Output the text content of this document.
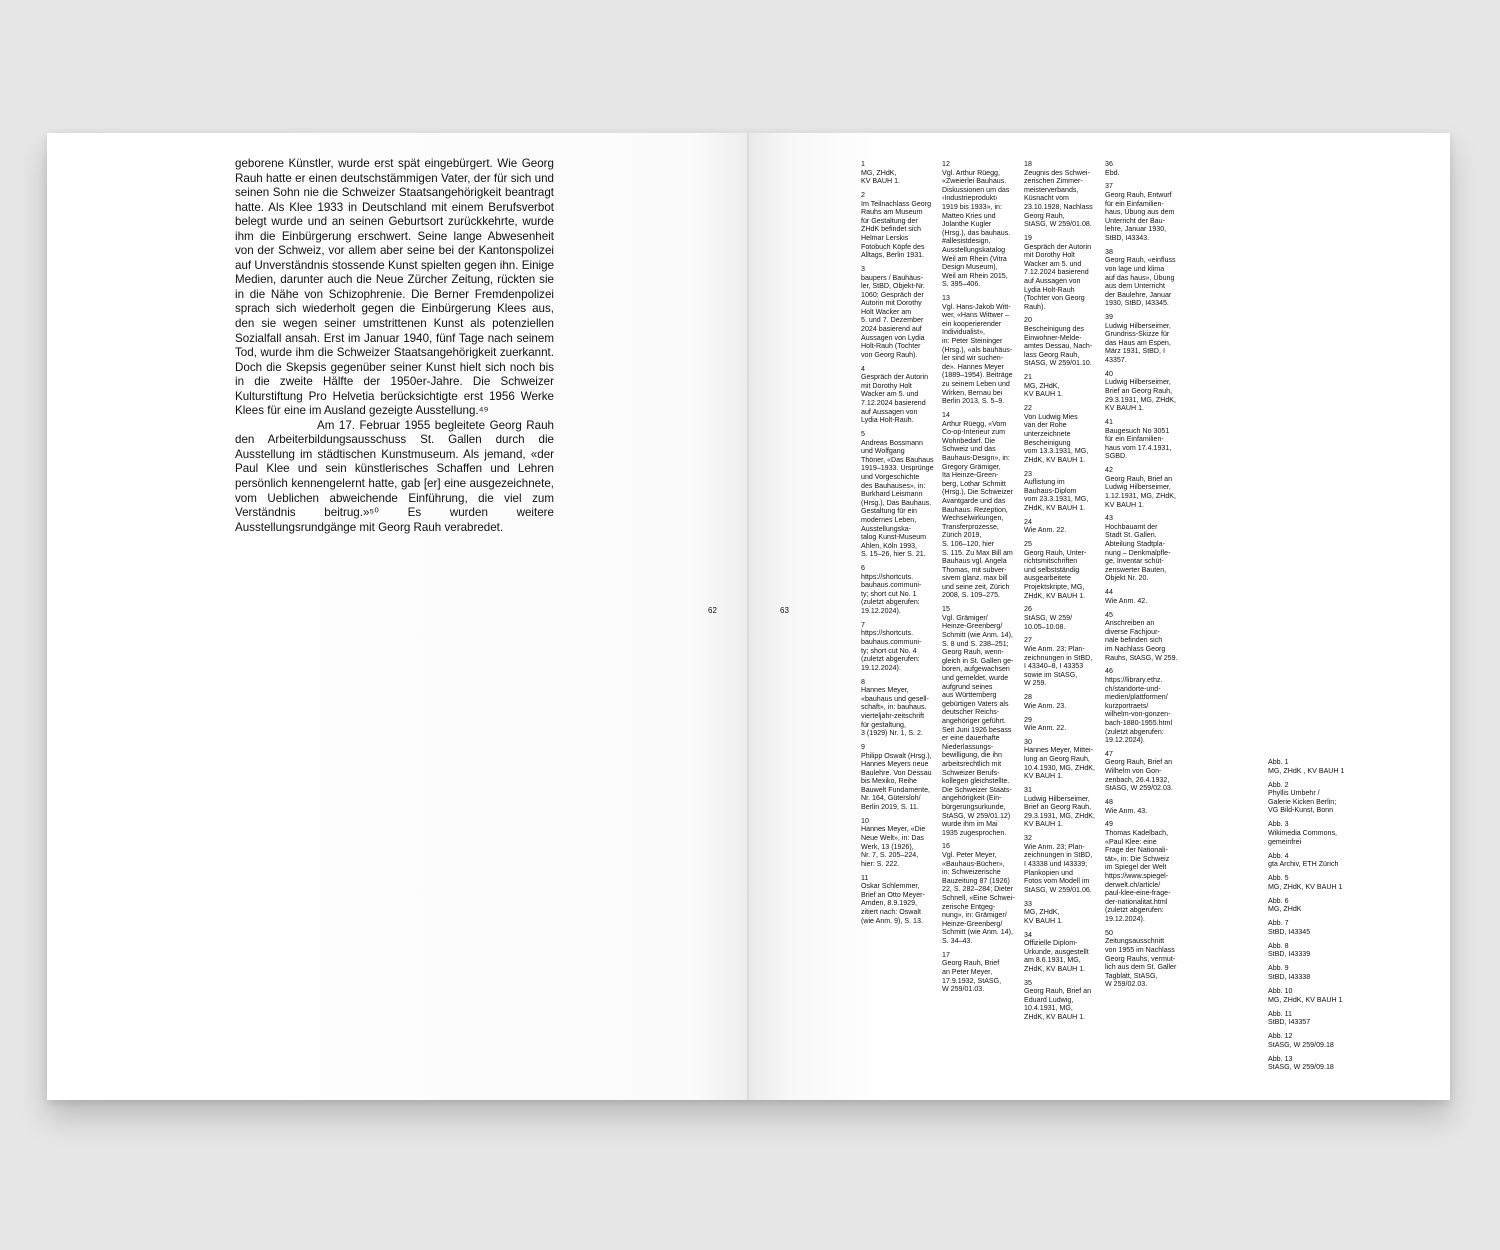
geborene Künstler, wurde erst spät eingebürgert. Wie Georg Rauh hatte er einen deutschstämmigen Vater, der für sich und seinen Sohn nie die Schweizer Staatsangehörigkeit beantragt hatte. Als Klee 1933 in Deutschland mit einem Berufsverbot belegt wurde und an seinen Geburtsort zurückkehrte, wurde ihm die Einbürgerung erschwert. Seine lange Abwesenheit von der Schweiz, vor allem aber seine bei der Kantonspolizei auf Unverständnis stossende Kunst spielten gegen ihn. Einige Medien, darunter auch die Neue Zürcher Zeitung, rückten sie in die Nähe von Schizophrenie. Die Berner Fremdenpolizei sprach sich wiederholt gegen die Einbürgerung Klees aus, den sie wegen seiner umstrittenen Kunst als potenziellen Sozialfall ansah. Erst im Januar 1940, fünf Tage nach seinem Tod, wurde ihm die Schweizer Staatsangehörigkeit zuerkannt. Doch die Skepsis gegenüber seiner Kunst hielt sich noch bis in die zweite Hälfte der 1950er-Jahre. Die Schweizer Kulturstiftung Pro Helvetia berücksichtigte erst 1956 Werke Klees für eine im Ausland gezeigte Ausstellung.⁴⁹

Am 17. Februar 1955 begleitete Georg Rauh den Arbeiterbildungsausschuss St. Gallen durch die Ausstellung im städtischen Kunstmuseum. Als jemand, «der Paul Klee und sein künstlerisches Schaffen und Lehren persönlich kennengelernt hatte, gab [er] eine ausgezeichnete, vom Ueblichen abweichende Einführung, die viel zum Verständnis beitrug.»⁵⁰ Es wurden weitere Ausstellungsrundgänge mit Georg Rauh verabredet.

62	63
1
MG, ZHdK,
KV BAUH 1.
2
Im Teilnachlass Georg
Rauhs am Museum
für Gestaltung der
ZHdK befindet sich
Helmar Lerskis
Fotobuch Köpfe des
Alltags, Berlin 1931.
3
baupers / Bauhäus-
ler, StBD, Objekt-Nr.
1060; Gespräch der
Autorin mit Dorothy
Holt Wacker am
5. und 7. Dezember
2024 basierend auf
Aussagen von Lydia
Holt-Rauh (Tochter
von Georg Rauh).
4
Gespräch der Autorin
mit Dorothy Holt
Wacker am 5. und
7.12.2024 basierend
auf Aussagen von
Lydia Holt-Rauh.
5
Andreas Bossmann
und Wolfgang
Thöner, «Das Bauhaus
1919–1933. Ursprünge
und Vorgeschichte
des Bauhauses», in:
Burkhard Leismann
(Hrsg.), Das Bauhaus.
Gestaltung für ein
modernes Leben,
Ausstellungska-
talog Kunst-Museum
Ahlen, Köln 1993,
S. 15–26, hier S. 21.
6
https://shortcuts.
bauhaus.communi-
ty; short cut No. 1
(zuletzt abgerufen:
19.12.2024).
7
https://shortcuts.
bauhaus.communi-
ty; short cut No. 4
(zuletzt abgerufen:
19.12.2024).
8
Hannes Meyer,
«bauhaus und gesell-
schaft», in: bauhaus.
vierteljahr-zeitschrift
für gestaltung,
3 (1929) Nr. 1, S. 2.
9
Philipp Oswalt (Hrsg.),
Hannes Meyers neue
Baulehre. Von Dessau
bis Mexiko, Reihe
Bauwelt Fundamente,
Nr. 164, Gütersloh/
Berlin 2019, S. 11.
10
Hannes Meyer, «Die
Neue Welt», in: Das
Werk, 13 (1926),
Nr. 7, S. 205–224,
hier: S. 222.
11
Oskar Schlemmer,
Brief an Otto Meyer-
Amden, 8.9.1929,
zitiert nach: Oswalt
(wie Anm. 9), S. 13.
12
Vgl. Arthur Rüegg,
«Zweierlei Bauhaus.
Diskussionen um das
‹Industrieprodukt›
1919 bis 1933», in:
Matteo Kries und
Jolanthe Kugler
(Hrsg.), das bauhaus.
#allesistdesign,
Ausstellungskatalog
Weil am Rhein (Vitra
Design Museum),
Weil am Rhein 2015,
S. 395–406.
13
Vgl. Hans-Jakob Witt-
wer, «Hans Wittwer –
ein kooperierender
Individualist»,
in: Peter Steininger
(Hrsg.), «als bauhäus-
ler sind wir suchen-
de». Hannes Meyer
(1889–1954). Beiträge
zu seinem Leben und
Wirken, Bernau bei
Berlin 2013, S. 5–9.
14
Arthur Rüegg, «Vom
Co-op-Interieur zum
Wohnbedarf. Die
Schweiz und das
Bauhaus-Design», in:
Gregory Grämiger,
Ita Heinze-Green-
berg, Lothar Schmitt
(Hrsg.), Die Schweizer
Avantgarde und das
Bauhaus. Rezeption,
Wechselwirkungen,
Transferprozesse,
Zürich 2019,
S. 106–120, hier
S. 115. Zu Max Bill am
Bauhaus vgl. Angela
Thomas, mit subver-
sivem glanz. max bill
und seine zeit, Zürich
2008, S. 109–275.
15
Vgl. Grämiger/
Heinze-Greenberg/
Schmitt (wie Anm. 14),
S. 8 und S. 238–251;
Georg Rauh, wenn-
gleich in St. Gallen ge-
boren, aufgewachsen
und gemeldet, wurde
aufgrund seines
aus Württemberg
gebürtigen Vaters als
deutscher Reichs-
angehöriger geführt.
Seit Juni 1926 besass
er eine dauerhafte
Niederlassungs-
bewilligung, die ihn
arbeitsrechtlich mit
Schweizer Berufs-
kollegen gleichstellte.
Die Schweizer Staats-
angehörigkeit (Ein-
bürgerungsurkunde,
StASG, W 259/01.12)
wurde ihm im Mai
1935 zugesprochen.
16
Vgl. Peter Meyer,
«Bauhaus-Bücher»,
in: Schweizerische
Bauzeitung 87 (1926)
22, S. 282–284; Dieter
Schnell, «Eine Schwei-
zerische Entgeg-
nung», in: Grämiger/
Heinze-Greenberg/
Schmitt (wie Anm. 14),
S. 34–43.
17
Georg Rauh, Brief
an Peter Meyer,
17.9.1932, StASG,
W 259/01.03.
18
Zeugnis des Schwei-
zerischen Zimmer-
meisterverbands,
Küsnacht vom
23.10.1928, Nachlass
Georg Rauh,
StASG, W 259/01.08.
19
Gespräch der Autorin
mit Dorothy Holt
Wacker am 5. und
7.12.2024 basierend
auf Aussagen von
Lydia Holt-Rauh
(Tochter von Georg
Rauh).
20
Bescheinigung des
Einwohner-Melde-
amtes Dessau, Nach-
lass Georg Rauh,
StASG, W 259/01.10.
21
MG, ZHdK,
KV BAUH 1.
22
Von Ludwig Mies
van der Rohe
unterzeichnete
Bescheinigung
vom 13.3.1931, MG,
ZHdK, KV BAUH 1.
23
Auflistung im
Bauhaus-Diplom
vom 23.3.1931, MG,
ZHdK, KV BAUH 1.
24
Wie Anm. 22.
25
Georg Rauh, Unter-
richtsmitschriften
und selbstständig
ausgearbeitete
Projektskripte, MG,
ZHdK, KV BAUH 1.
26
StASG, W 259/
10.05–10.08.
27
Wie Anm. 23; Plan-
zeichnungen in StBD,
I 43340–8, I 43353
sowie im StASG,
W 259.
28
Wie Anm. 23.
29
Wie Anm. 22.
30
Hannes Meyer, Mittei-
lung an Georg Rauh,
10.4.1930, MG, ZHdK,
KV BAUH 1.
31
Ludwig Hilberseimer,
Brief an Georg Rauh,
29.3.1931, MG, ZHdK,
KV BAUH 1.
32
Wie Anm. 23; Plan-
zeichnungen in StBD,
I 43338 und I43339;
Plankopien und
Fotos vom Modell im
StASG, W 259/01.06.
33
MG, ZHdK,
KV BAUH 1.
34
Offizielle Diplom-
Urkunde, ausgestellt
am 8.6.1931, MG,
ZHdK, KV BAUH 1.
35
Georg Rauh, Brief an
Eduard Ludwig,
10.4.1931, MG,
ZHdK, KV BAUH 1.
36
Ebd.
37
Georg Rauh, Entwurf
für ein Einfamilien-
haus, Übung aus dem
Unterricht der Bau-
lehre, Januar 1930,
StBD, I43343.
38
Georg Rauh, «einfluss
von lage und klima
auf das haus», Übung
aus dem Unterricht
der Baulehre, Januar
1930, StBD, I43345.
39
Ludwig Hilberseimer,
Grundriss-Skizze für
das Haus am Espen,
März 1931, StBD, I
43357.
40
Ludwig Hilberseimer,
Brief an Georg Rauh,
29.3.1931, MG, ZHdK,
KV BAUH 1.
41
Baugesuch No 3051
für ein Einfamilien-
haus vom 17.4.1931,
SGBD.
42
Georg Rauh, Brief an
Ludwig Hilberseimer,
1.12.1931, MG, ZHdK,
KV BAUH 1.
43
Hochbauamt der
Stadt St. Gallen.
Abteilung Stadtpla-
nung – Denkmalpfle-
ge, Inventar schüt-
zenswerter Bauten,
Objekt Nr. 20.
44
Wie Anm. 42.
45
Anschreiben an
diverse Fachjour-
nale befinden sich
im Nachlass Georg
Rauhs, StASG, W 259.
46
https://library.ethz.
ch/standorte-und-
medien/plattformen/
kurzportraets/
wilhelm-von-gonzen-
bach-1880-1955.html
(zuletzt abgerufen:
19.12.2024).
47
Georg Rauh, Brief an
Wilhelm von Gon-
zenbach, 26.4.1932,
StASG, W 259/02.03.
48
Wie Anm. 43.
49
Thomas Kadelbach,
«Paul Klee: eine
Frage der Nationali-
tät», in: Die Schweiz
im Spiegel der Welt
https://www.spiegel-
derwelt.ch/article/
paul-klee-eine-frage-
der-nationalitat.html
(zuletzt abgerufen:
19.12.2024).
50
Zeitungsausschnitt
von 1955 im Nachlass
Georg Rauhs, vermut-
lich aus dem St. Galler
Tagblatt, StASG,
W 259/02.03.
Abb. 1
MG, ZHdK , KV BAUH 1
Abb. 2
Phyllis Umbehr /
Galerie Kicken Berlin;
VG Bild-Kunst, Bonn
Abb. 3
Wikimedia Commons,
gemeinfrei
Abb. 4
gta Archiv, ETH Zürich
Abb. 5
MG, ZHdK, KV BAUH 1
Abb. 6
MG, ZHdK
Abb. 7
StBD, I43345
Abb. 8
StBD, I43339
Abb. 9
StBD, I43338
Abb. 10
MG, ZHdK, KV BAUH 1
Abb. 11
StBD, I43357
Abb. 12
StASG, W 259/09.18
Abb. 13
StASG, W 259/09.18
